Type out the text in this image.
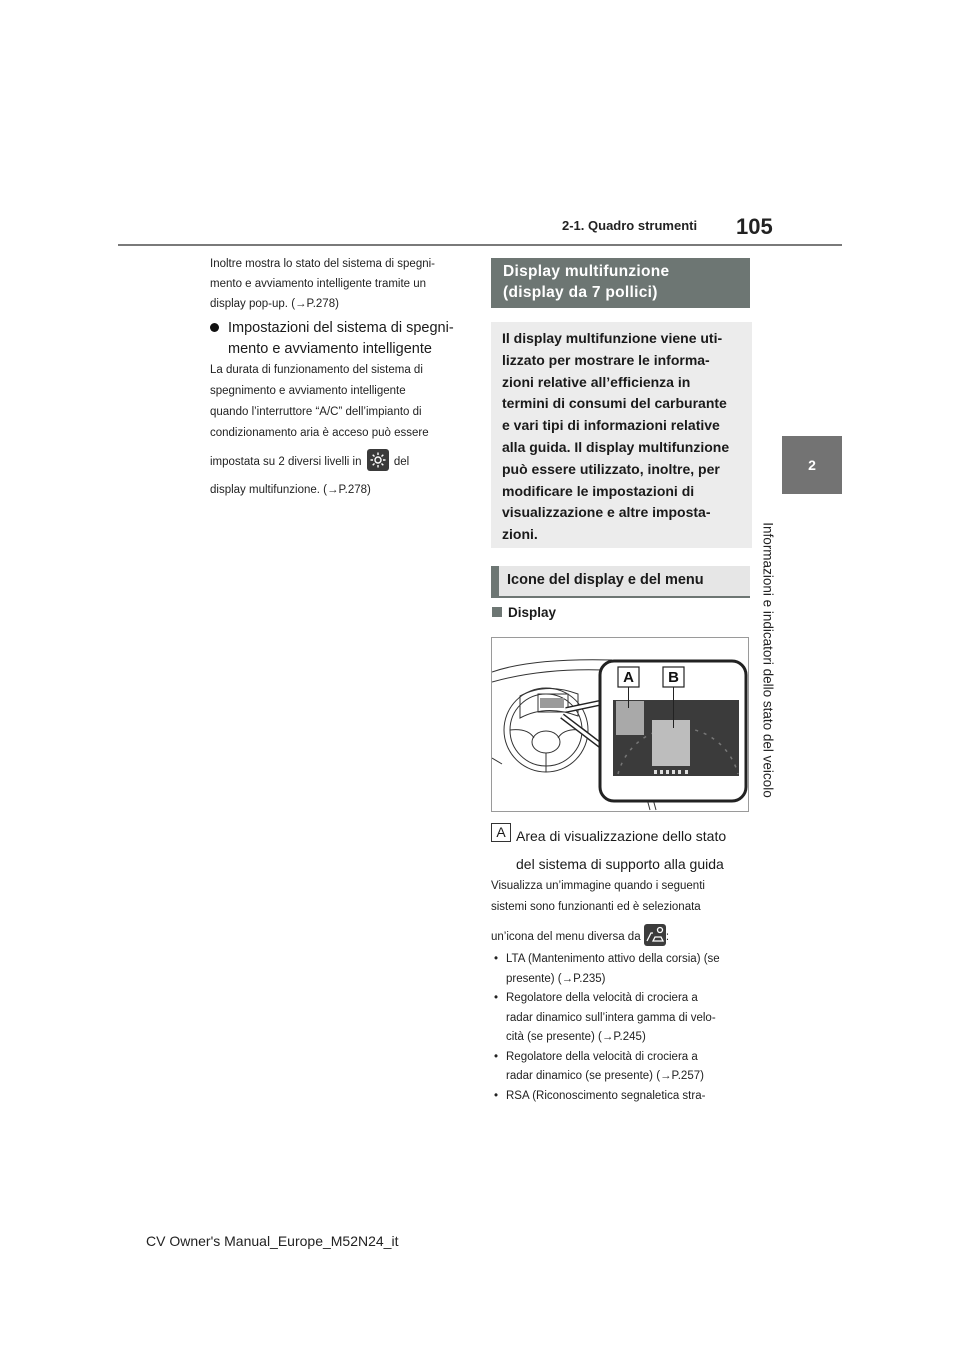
2-1. Quadro strumenti 105
2
Informazioni e indicatori dello stato del veicolo
Inoltre mostra lo stato del sistema di spegni-
mento e avviamento intelligente tramite un
display pop-up. (→P.278)
Impostazioni del sistema di spegni-mento e avviamento intelligente
La durata di funzionamento del sistema di
spegnimento e avviamento intelligente
quando l’interruttore “A/C” dell’impianto di
condizionamento aria è acceso può essere
impostata su 2 diversi livelli in	del
display multifunzione. (→P.278)
Display multifunzione
(display da 7 pollici)
Il display multifunzione viene uti-
lizzato per mostrare le informa-
zioni relative all’efficienza in
termini di consumi del carburante
e vari tipi di informazioni relative
alla guida. Il display multifunzione
può essere utilizzato, inoltre, per
modificare le impostazioni di
visualizzazione e altre imposta-
zioni.
Icone del display e del menu
Display
A B
A Area di visualizzazione dello stato
del sistema di supporto alla guida
Visualizza un’immagine quando i seguenti
sistemi sono funzionanti ed è selezionata
un’icona del menu diversa da :
• LTA (Mantenimento attivo della corsia) (se
presente) (→P.235)
• Regolatore della velocità di crociera a
radar dinamico sull’intera gamma di velo-
cità (se presente) (→P.245)
• Regolatore della velocità di crociera a
radar dinamico (se presente) (→P.257)
• RSA (Riconoscimento segnaletica stra-
CV Owner's Manual_Europe_M52N24_it
